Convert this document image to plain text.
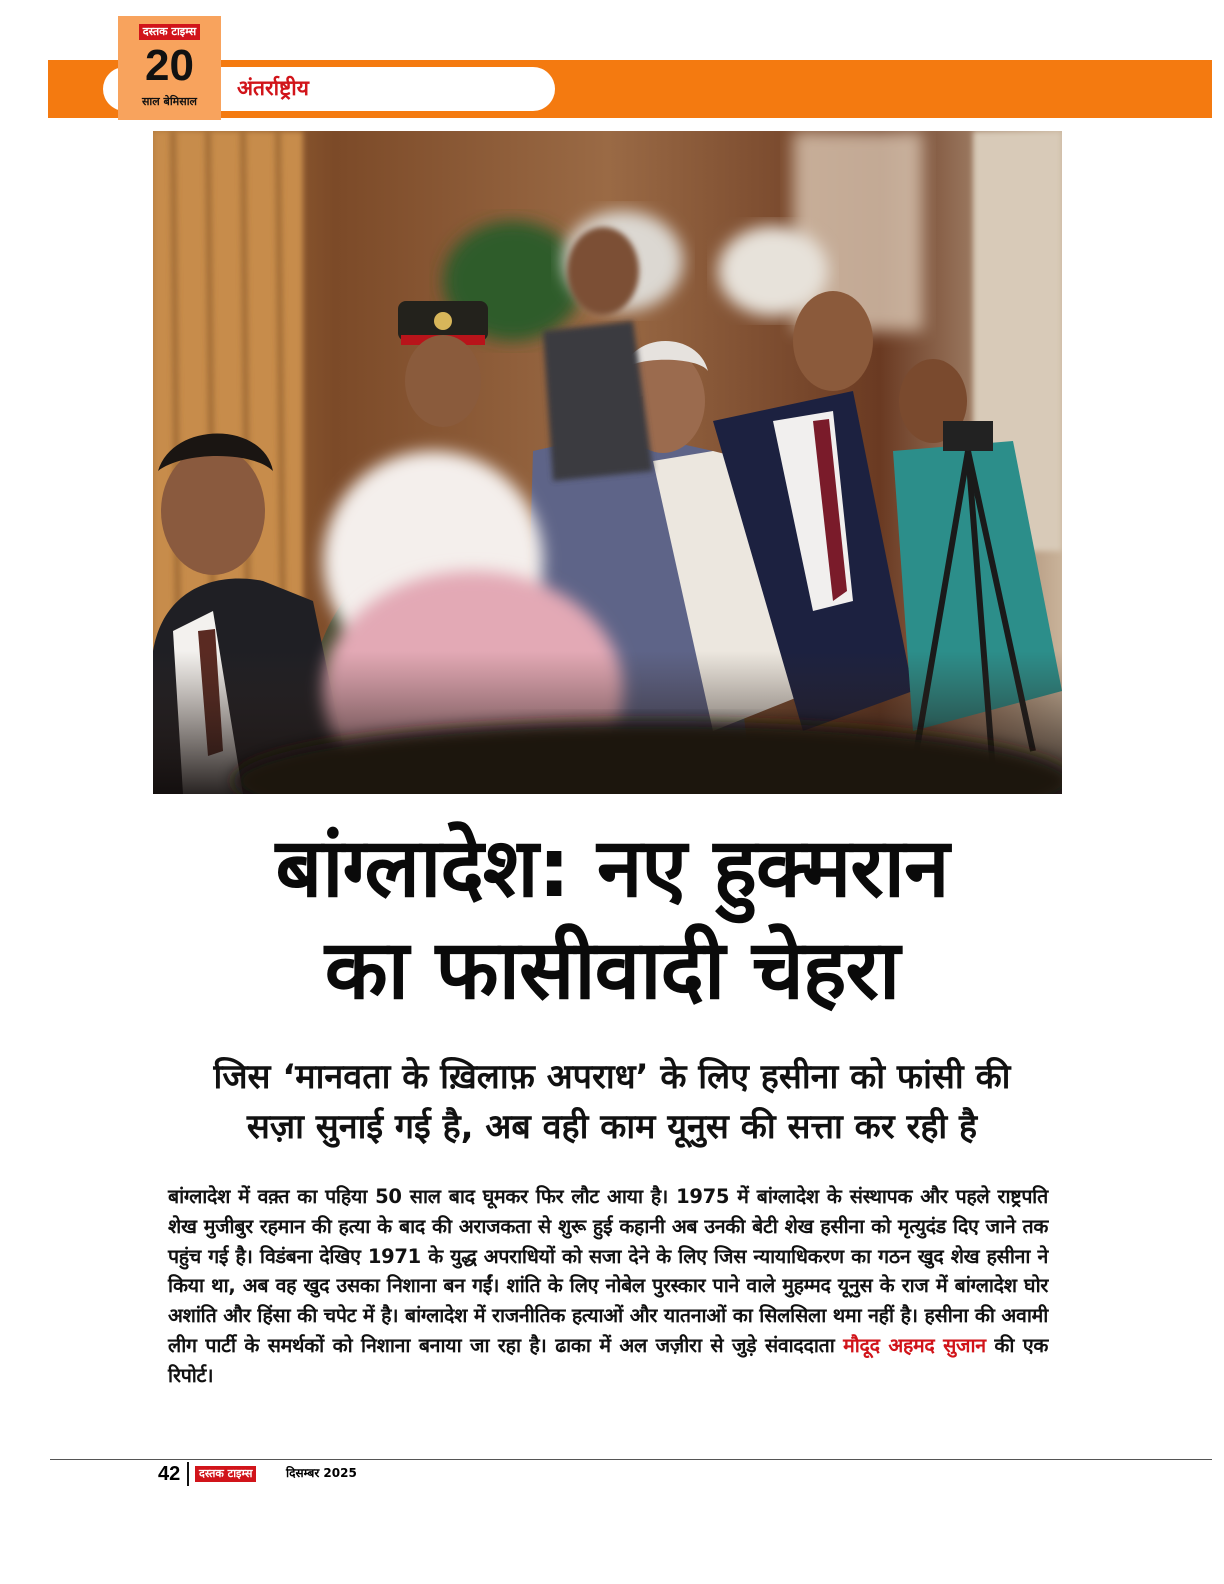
अंतर्राष्ट्रीय
दस्तक टाइम्स
20
साल बेमिसाल
बांग्लादेश: नए हुक्मरान
का फासीवादी चेहरा
जिस ‘मानवता के ख़िलाफ़ अपराध’ के लिए हसीना को फांसी की
सज़ा सुनाई गई है, अब वही काम यूनुस की सत्ता कर रही है

बांग्लादेश में वक़्त का पहिया 50 साल बाद घूमकर फिर लौट आया है। 1975 में बांग्लादेश के संस्थापक और पहले राष्ट्रपति शेख मुजीबुर रहमान की हत्या के बाद की अराजकता से शुरू हुई कहानी अब उनकी बेटी शेख हसीना को मृत्युदंड दिए जाने तक पहुंच गई है। विडंबना देखिए 1971 के युद्ध अपराधियों को सजा देने के लिए जिस न्यायाधिकरण का गठन खुद शेख हसीना ने किया था, अब वह खुद उसका निशाना बन गईं। शांति के लिए नोबेल पुरस्कार पाने वाले मुहम्मद यूनुस के राज में बांग्लादेश घोर अशांति और हिंसा की चपेट में है। बांग्लादेश में राजनीतिक हत्याओं और यातनाओं का सिलसिला थमा नहीं है। हसीना की अवामी लीग पार्टी के समर्थकों को निशाना बनाया जा रहा है। ढाका में अल जज़ीरा से जुड़े संवाददाता मौदूद अहमद सुजान की एक रिपोर्ट।

42	दस्तक टाइम्स	दिसम्बर 2025
